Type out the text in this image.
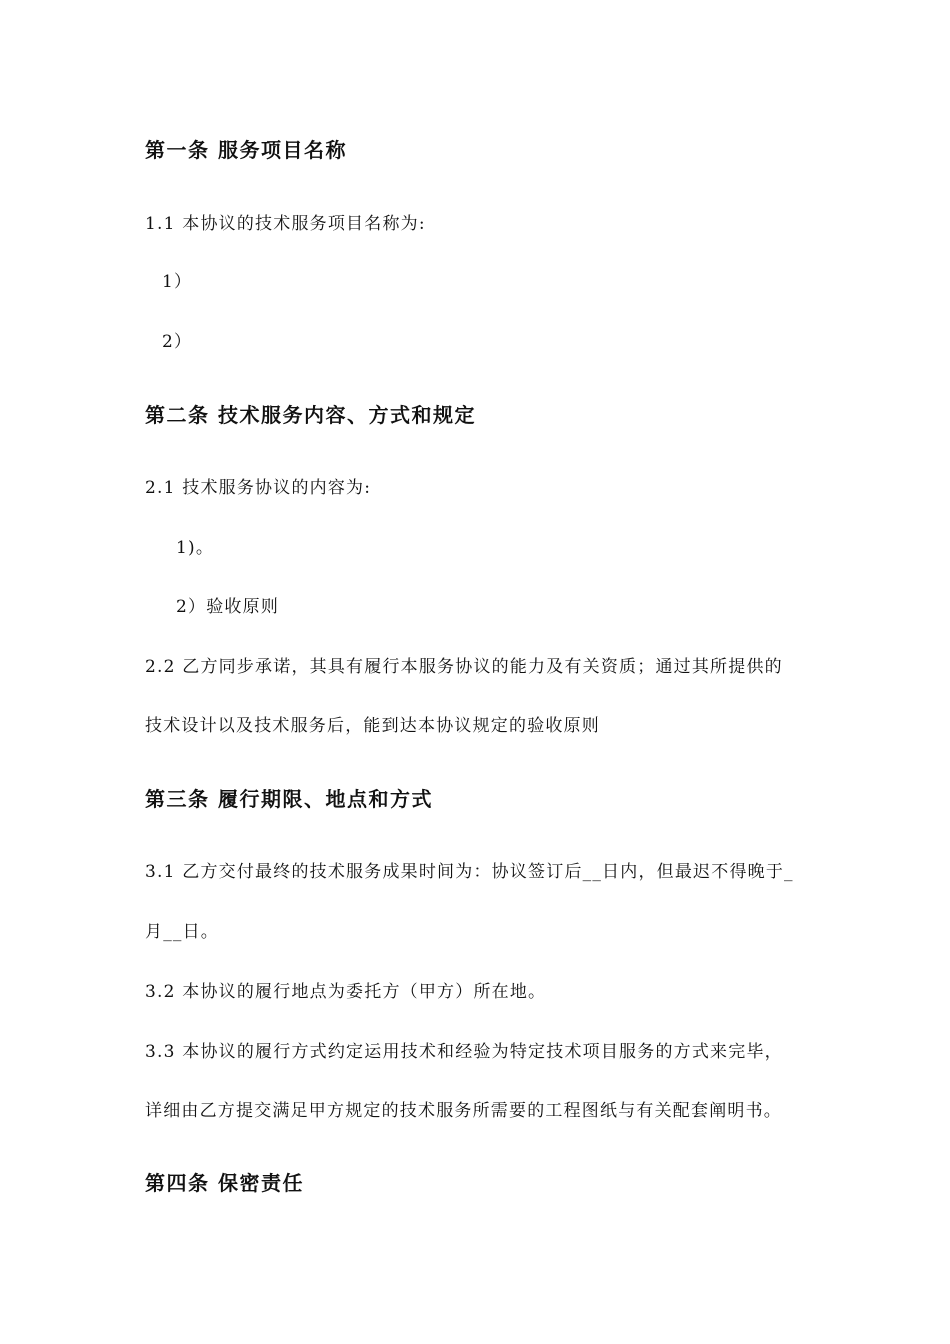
第一条 服务项目名称
1.1 本协议的技术服务项目名称为:
1）
2）
第二条 技术服务内容、方式和规定
2.1 技术服务协议的内容为:
1)。
2）验收原则
2.2 乙方同步承诺，其具有履行本服务协议的能力及有关资质；通过其所提供的
技术设计以及技术服务后，能到达本协议规定的验收原则
第三条 履行期限、地点和方式
3.1 乙方交付最终的技术服务成果时间为：协议签订后__日内，但最迟不得晚于_
月__日。
3.2 本协议的履行地点为委托方（甲方）所在地。
3.3 本协议的履行方式约定运用技术和经验为特定技术项目服务的方式来完毕，
详细由乙方提交满足甲方规定的技术服务所需要的工程图纸与有关配套阐明书。
第四条 保密责任
